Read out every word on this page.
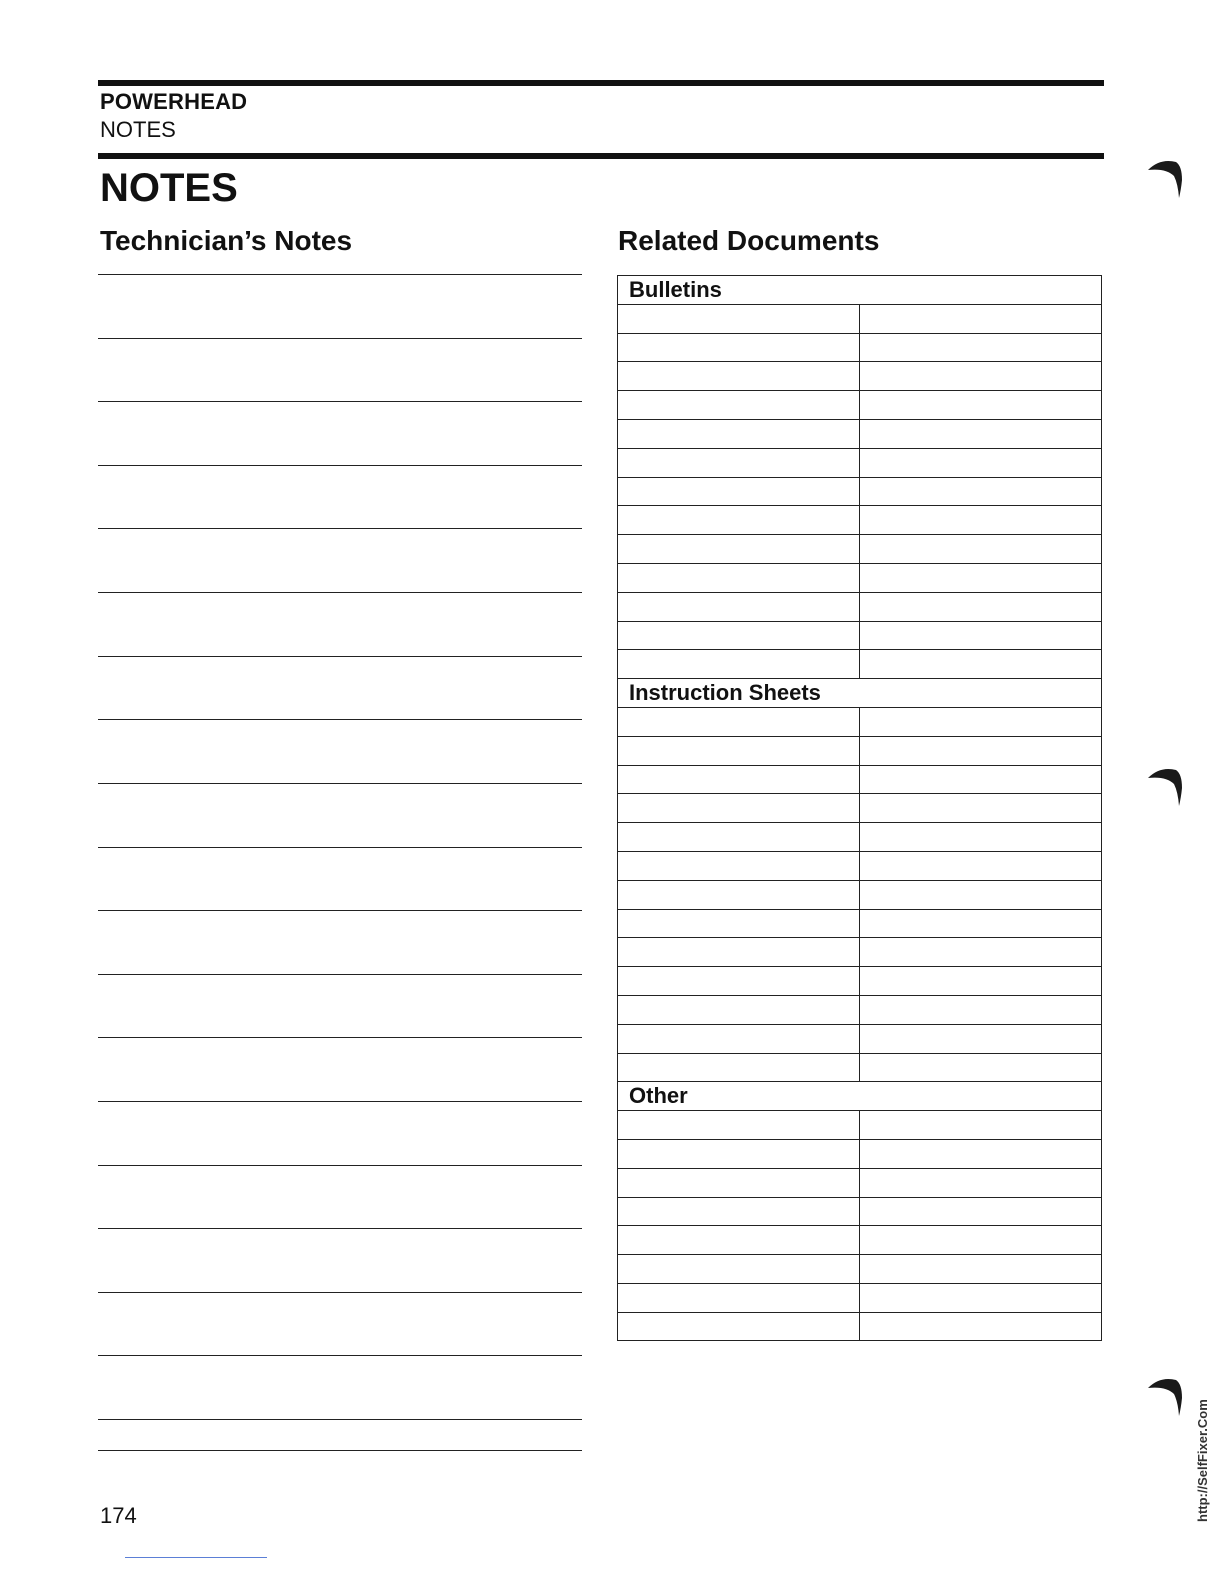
POWERHEAD
NOTES
NOTES
Technician’s Notes	Related Documents
Bulletins	

Instruction Sheets	

Other	

174	http://SelfFixer.Com
